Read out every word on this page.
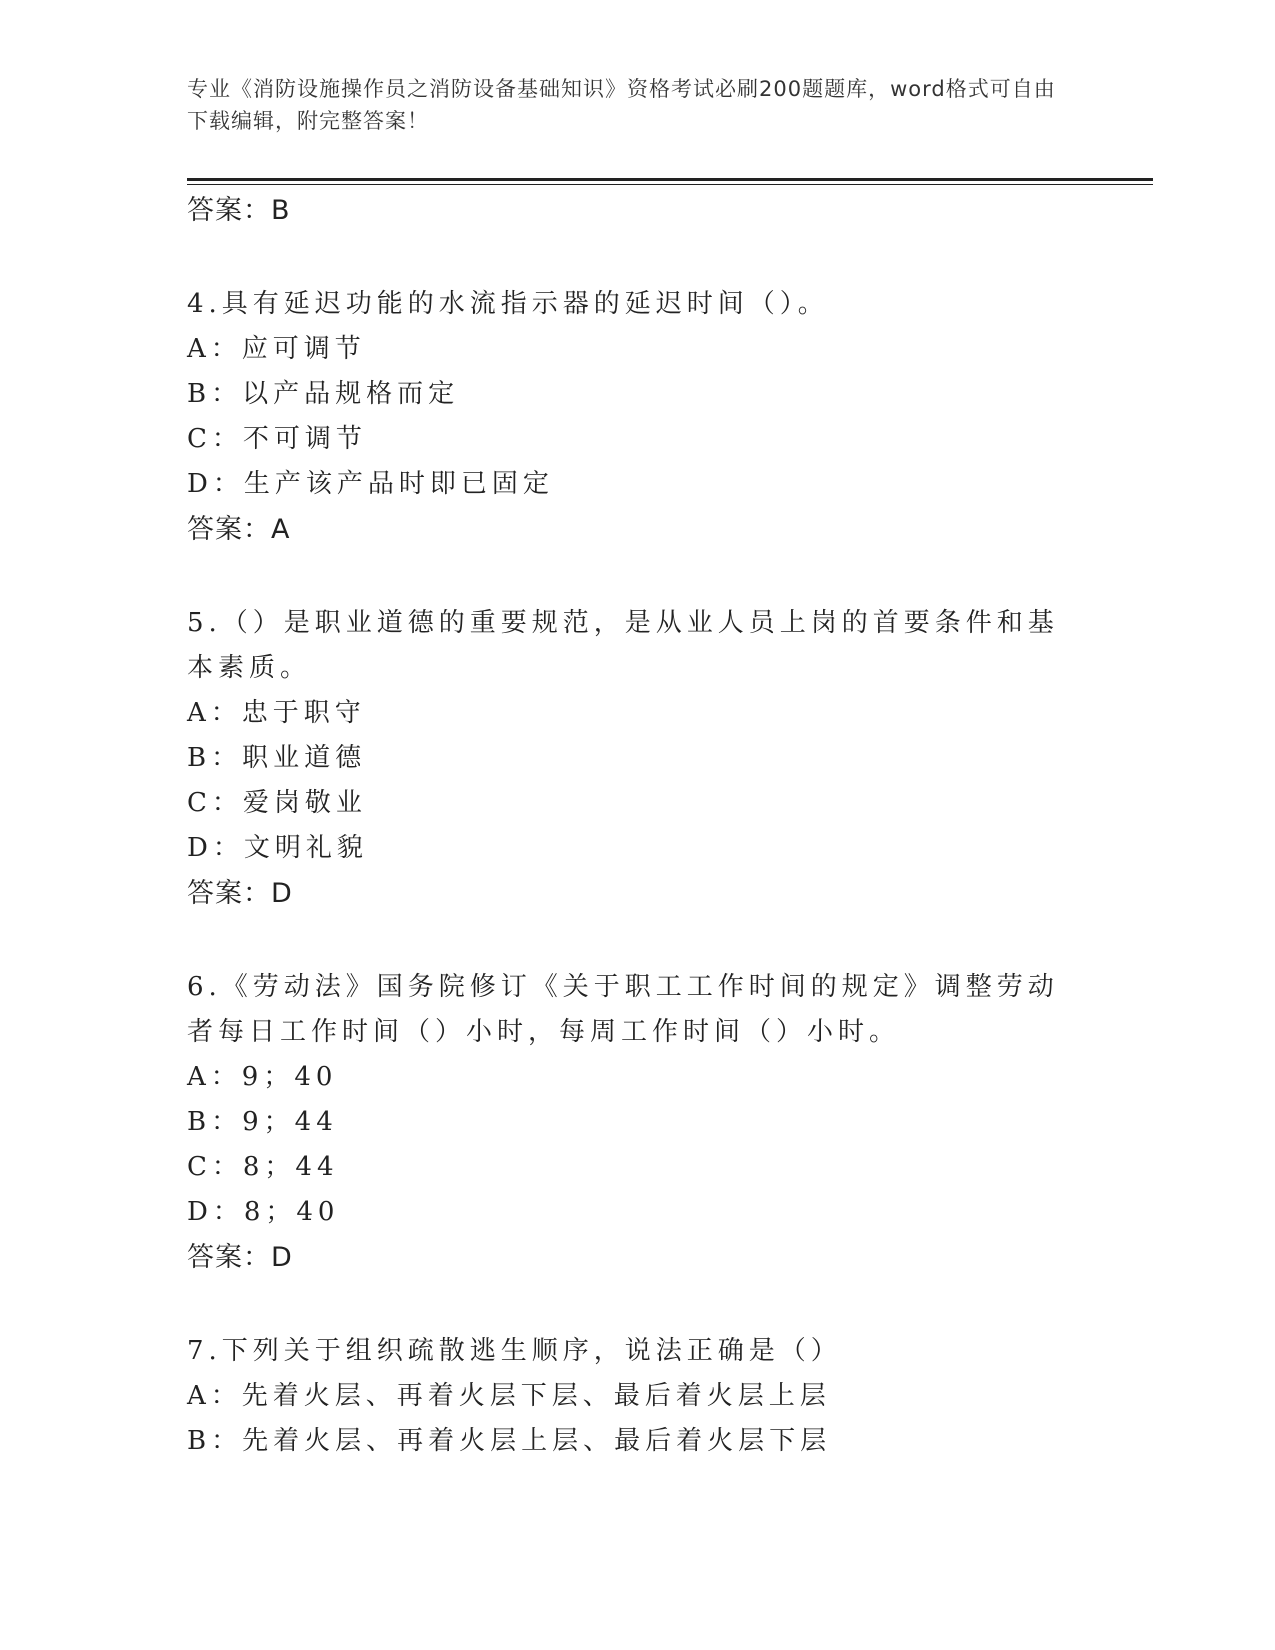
专业《消防设施操作员之消防设备基础知识》资格考试必刷200题题库，word格式可自由下载编辑，附完整答案！
答案：B
4.具有延迟功能的水流指示器的延迟时间（）。
A：应可调节
B：以产品规格而定
C：不可调节
D：生产该产品时即已固定
答案：A
5.（）是职业道德的重要规范，是从业人员上岗的首要条件和基本素质。
A：忠于职守
B：职业道德
C：爱岗敬业
D：文明礼貌
答案：D
6.《劳动法》国务院修订《关于职工工作时间的规定》调整劳动者每日工作时间（）小时，每周工作时间（）小时。
A：9；40
B：9；44
C：8；44
D：8；40
答案：D
7.下列关于组织疏散逃生顺序，说法正确是（）
A：先着火层、再着火层下层、最后着火层上层
B：先着火层、再着火层上层、最后着火层下层
